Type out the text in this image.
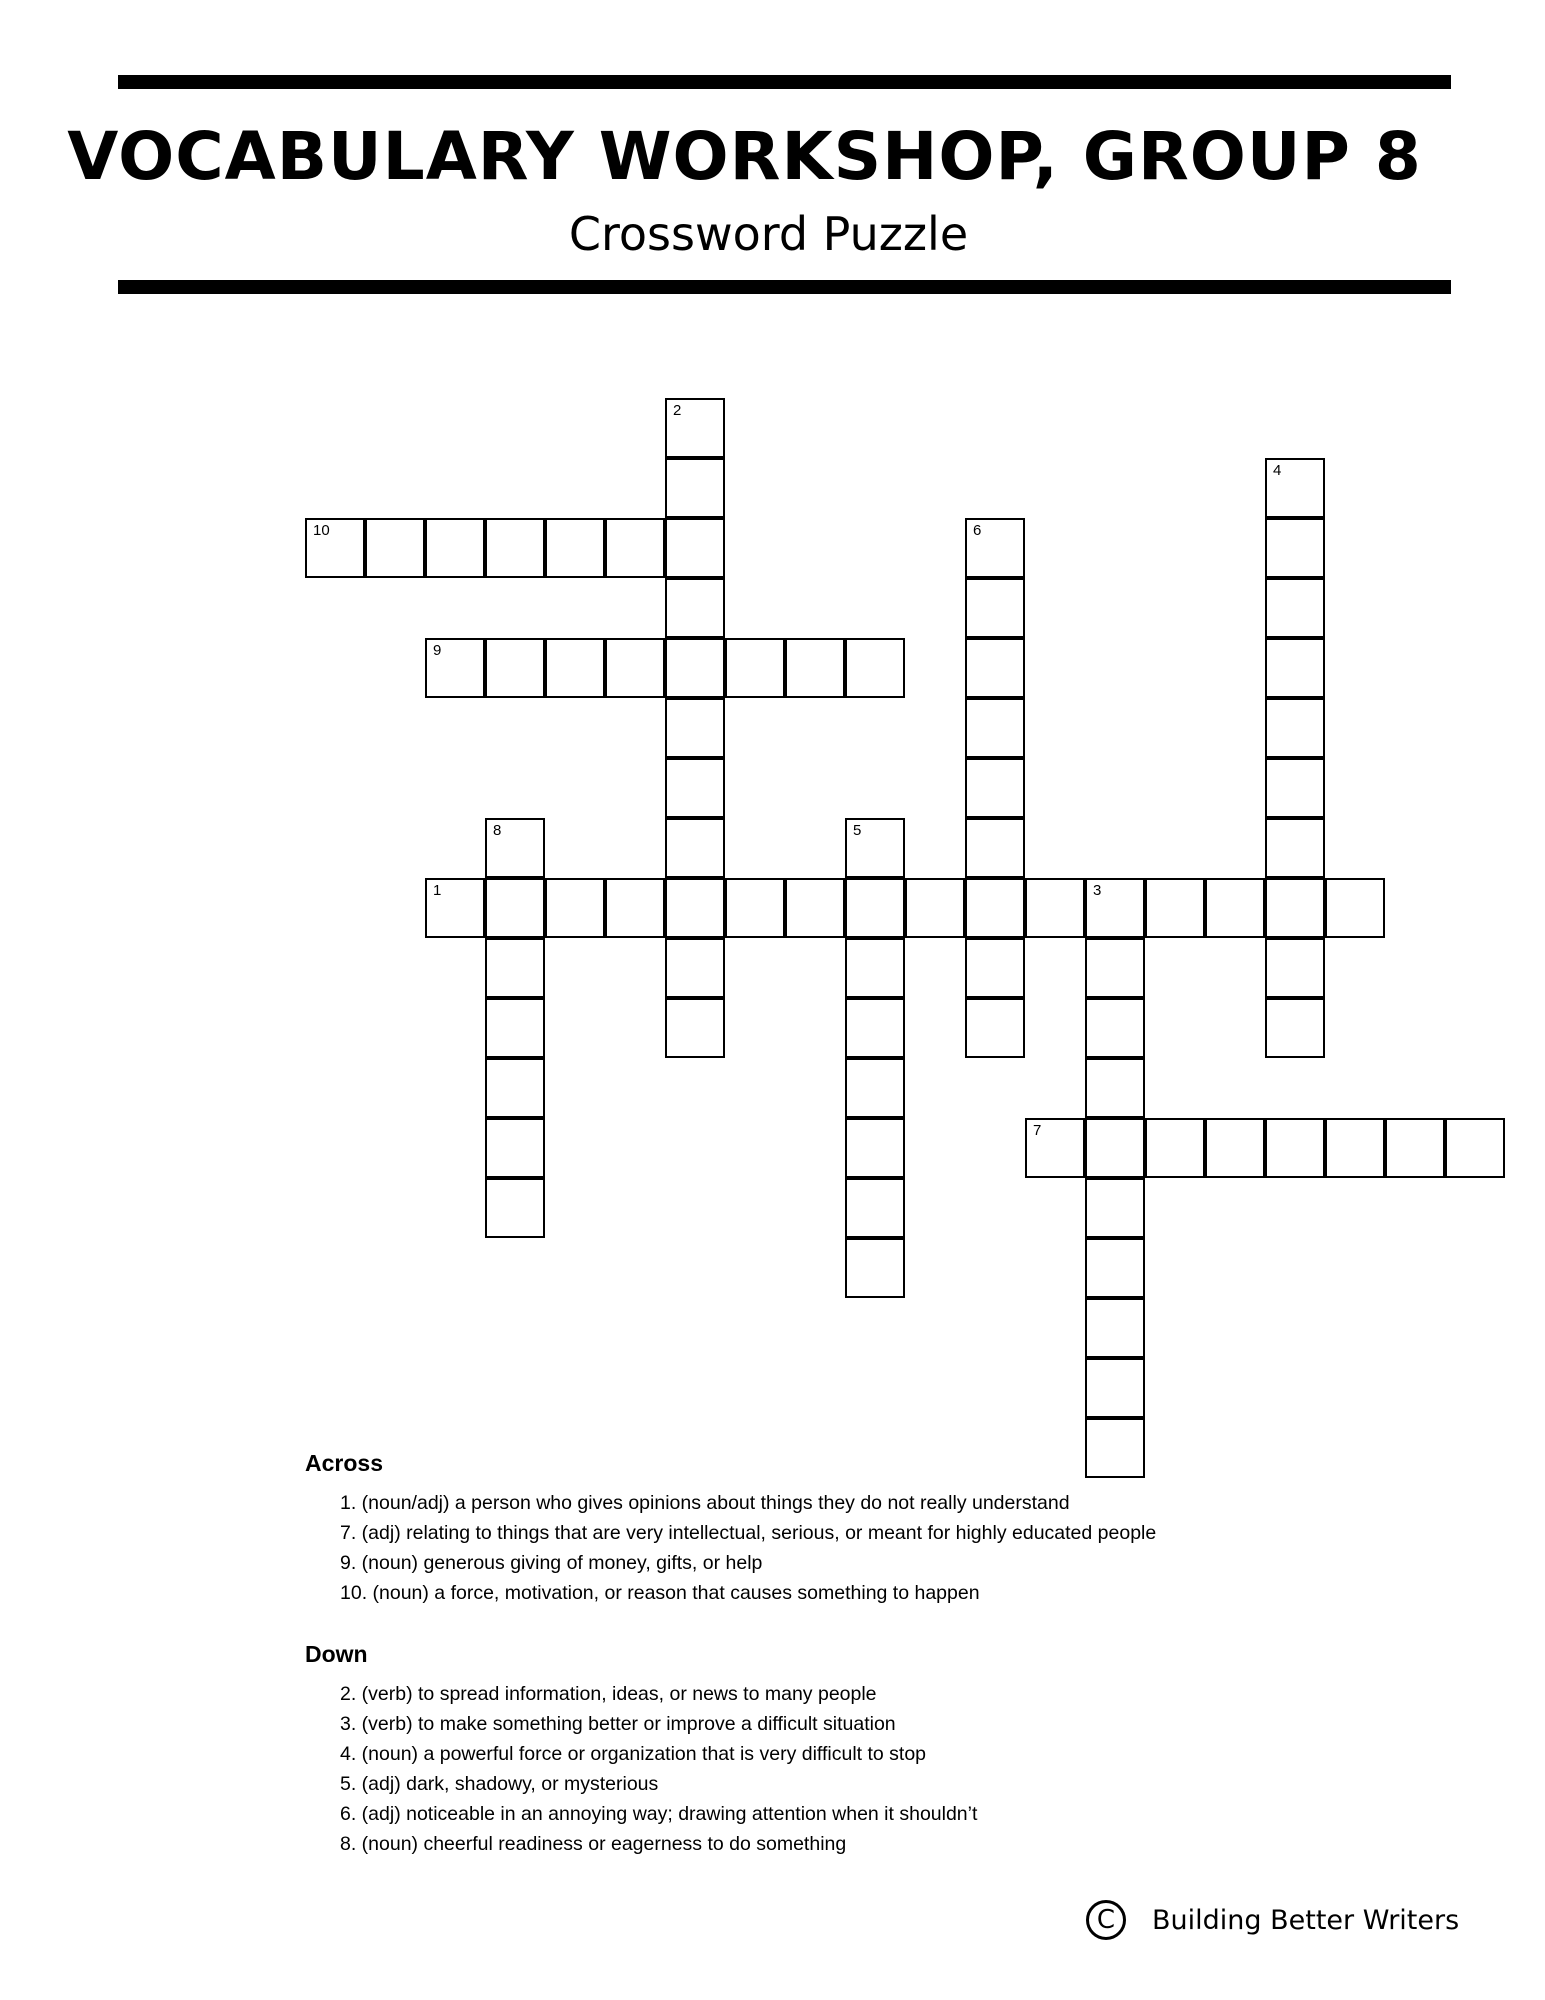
VOCABULARY WORKSHOP, GROUP 8
Crossword Puzzle
2
4
10	6
9
8	5
1	3
7
Across
1. (noun/adj) a person who gives opinions about things they do not really understand
7. (adj) relating to things that are very intellectual, serious, or meant for highly educated people
9. (noun) generous giving of money, gifts, or help
10. (noun) a force, motivation, or reason that causes something to happen
Down
2. (verb) to spread information, ideas, or news to many people
3. (verb) to make something better or improve a difficult situation
4. (noun) a powerful force or organization that is very difficult to stop
5. (adj) dark, shadowy, or mysterious
6. (adj) noticeable in an annoying way; drawing attention when it shouldn’t
8. (noun) cheerful readiness or eagerness to do something
C	Building Better Writers
